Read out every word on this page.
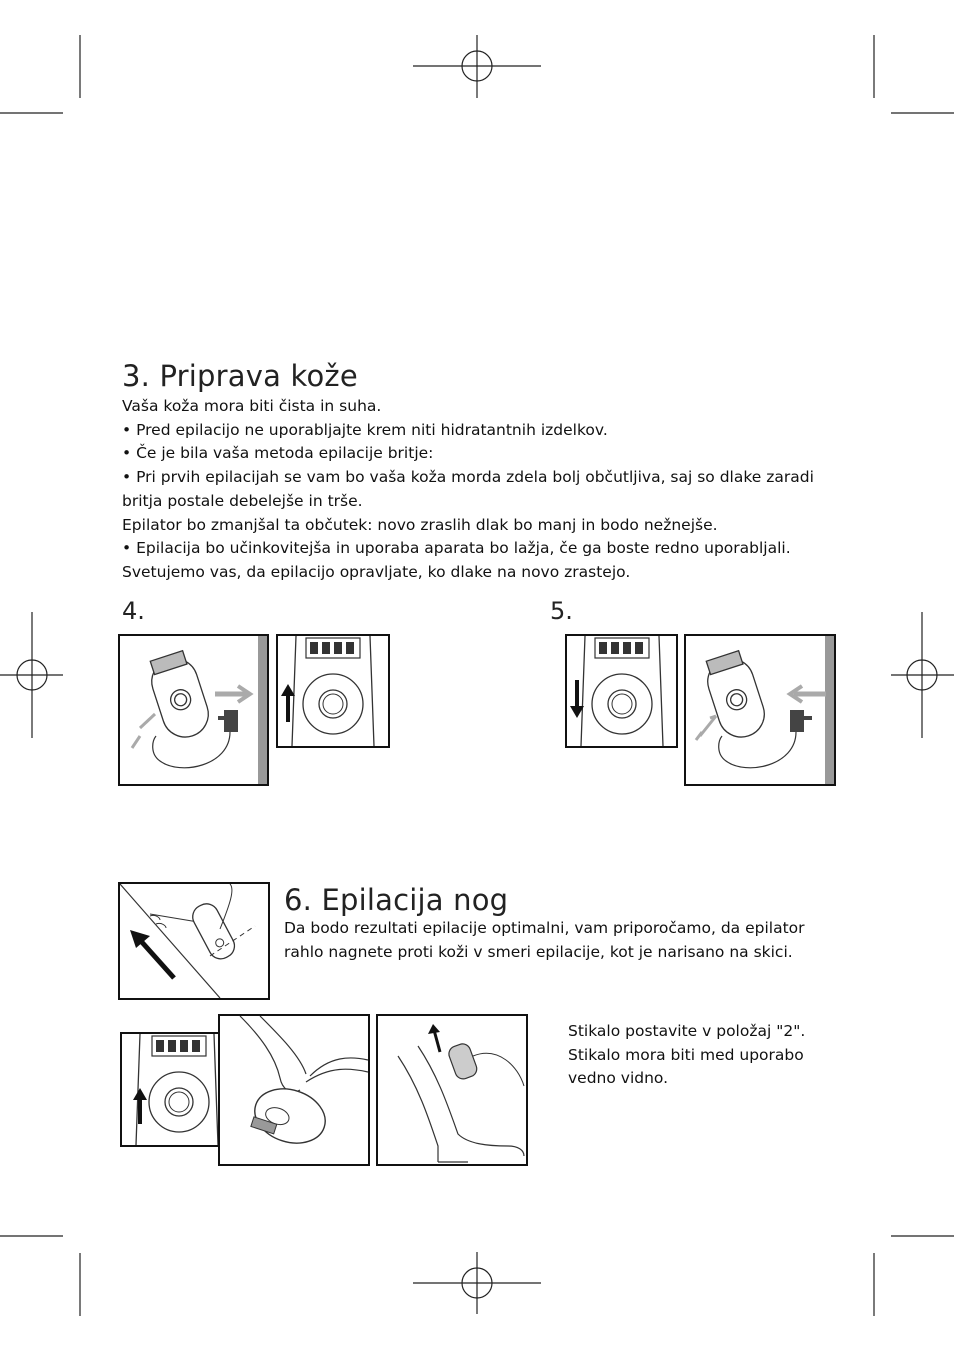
3. Priprava kože
Vaša koža mora biti čista in suha.
• Pred epilacijo ne uporabljajte krem niti hidratantnih izdelkov.
• Če je bila vaša metoda epilacije britje:
• Pri prvih epilacijah se vam bo vaša koža morda zdela bolj občutljiva, saj so dlake zaradi
britja postale debelejše in trše.
Epilator bo zmanjšal ta občutek: novo zraslih dlak bo manj in bodo nežnejše.
• Epilacija bo učinkovitejša in uporaba aparata bo lažja, če ga boste redno uporabljali.
Svetujemo vas, da epilacijo opravljate, ko dlake na novo zrastejo.
4.	5.
6. Epilacija nog
Da bodo rezultati epilacije optimalni, vam priporočamo, da epilator
rahlo nagnete proti koži v smeri epilacije, kot je narisano na skici.
Stikalo postavite v položaj "2".
Stikalo mora biti med uporabo
vedno vidno.
